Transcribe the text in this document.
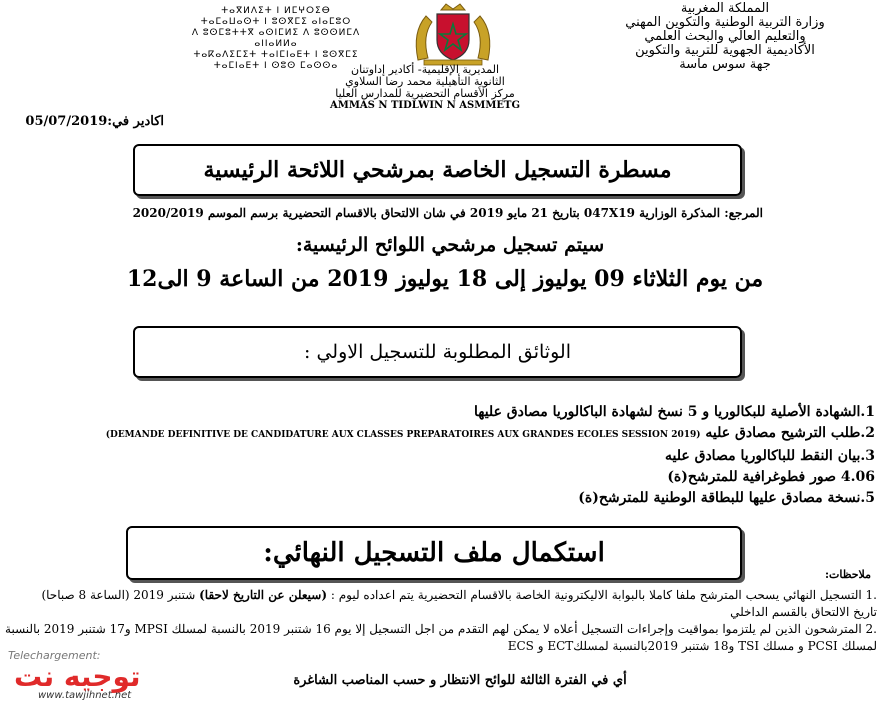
المملكة المغربية
وزارة التربية الوطنية والتكوين المهني
والتعليم العالي والبحث العلمي
الأكاديمية الجهوية للتربية والتكوين
جهة سوس ماسة
ⵜⴰⴳⵍⴷⵉⵜ ⵏ ⵍⵎⵖⵔⵉⴱ
ⵜⴰⵎⴰⵡⴰⵙⵜ ⵏ ⵓⵙⴳⵎⵉ ⴰⵏⴰⵎⵓⵔ
ⴷ ⵓⵙⵎⵓⵜⵜⴳ ⴰⵙⵏⵎⵍⵉ ⴷ ⵓⵙⵙⵍⵎⴷ ⴰⵏⵏⴰⵍⵍⴰ
ⵜⴰⴽⴰⴷⵉⵎⵉⵜ ⵜⴰⵏⵎⵏⴰⴹⵜ ⵏ ⵓⵙⴳⵎⵉ
ⵜⴰⵎⵏⴰⴹⵜ ⵏ ⵙⵓⵙ ⵎⴰⵙⵙⴰ	المديرية الإقليمية- أكادير إداوتنان
الثانوية التأهيلية محمد رضا السلاوي
مركز الأقسام التحضيرية للمدارس العليا
AMMAS N TIDLWIN N ASMMETG
اكادير في:05/07/2019
مسطرة التسجيل الخاصة بمرشحي اللائحة الرئيسية
المرجع: المذكرة الوزارية 047X19 بتاريخ 21 مايو 2019 في شان الالتحاق بالاقسام التحضيرية برسم الموسم 2020/2019
سيتم تسجيل مرشحي اللوائح الرئيسية:
من يوم الثلاثاء 09 يوليوز إلى 18 يوليوز 2019 من الساعة 9 الى12
الوثائق المطلوبة للتسجيل الاولي :
1.الشهادة الأصلية للبكالوريا و 5 نسخ لشهادة الباكالوريا مصادق عليها
2.طلب الترشيح مصادق عليه (DEMANDE DEFINITIVE DE CANDIDATURE AUX CLASSES PREPARATOIRES AUX GRANDES ECOLES SESSION 2019)
3.بيان النقط للباكالوريا مصادق عليه
4.06 صور فطوغرافية للمترشح(ة)
5.نسخة مصادق عليها للبطاقة الوطنية للمترشح(ة)
استكمال ملف التسجيل النهائي:
ملاحظات:
.1 التسجيل النهائي يسحب المترشح ملفا كاملا بالبوابة الاليكترونية الخاصة بالاقسام التحضيرية يتم اعداده ليوم : (سيعلن عن التاريخ لاحقا) شتنبر 2019 (الساعة 8 صباحا)
تاريخ الالتحاق بالقسم الداخلي
.2 المترشحون الذين لم يلتزموا بمواقيت وإجراءات التسجيل أعلاه لا يمكن لهم التقدم من اجل التسجيل إلا يوم 16 شتنبر 2019 بالنسبة لمسلك MPSI و17 شتنبر 2019 بالنسبة
لمسلك PCSI و مسلك TSI و18 شتنبر 2019بالنسبة لمسلكECT و ECS
أي في الفترة الثالثة للوائح الانتظار و حسب المناصب الشاغرة
Telechargement:
توجيه نت
www.tawjihnet.net
